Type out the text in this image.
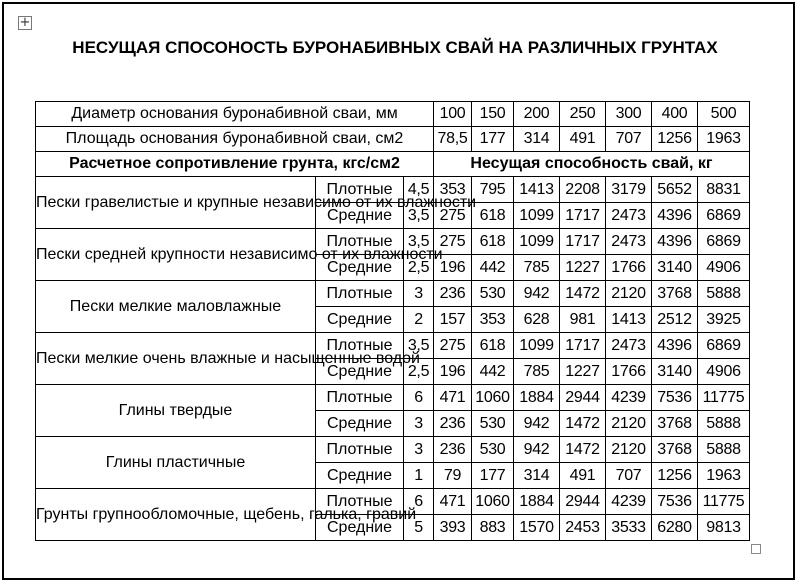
+
НЕСУЩАЯ СПОСОНОСТЬ БУРОНАБИВНЫХ СВАЙ НА РАЗЛИЧНЫХ ГРУНТАХ
Диаметр основания буронабивной сваи, мм			100	150	200	250	300	400	500
Площадь основания буронабивной сваи, см2			78,5	177	314	491	707	1256	1963
Расчетное сопротивление грунта, кгс/см2			Несущая способность свай, кг						
Пески гравелистые и крупные независимо от их влажности	Плотные	4,5	353	795	1413	2208	3179	5652	8831
	Средние	3,5	275	618	1099	1717	2473	4396	6869
Пески средней крупности независимо от их влажности	Плотные	3,5	275	618	1099	1717	2473	4396	6869
	Средние	2,5	196	442	785	1227	1766	3140	4906
Пески мелкие маловлажные	Плотные	3	236	530	942	1472	2120	3768	5888
	Средние	2	157	353	628	981	1413	2512	3925
Пески мелкие очень влажные и насыщенные водой	Плотные	3,5	275	618	1099	1717	2473	4396	6869
	Средние	2,5	196	442	785	1227	1766	3140	4906
Глины твердые	Плотные	6	471	1060	1884	2944	4239	7536	11775
	Средние	3	236	530	942	1472	2120	3768	5888
Глины пластичные	Плотные	3	236	530	942	1472	2120	3768	5888
	Средние	1	79	177	314	491	707	1256	1963
Грунты групнообломочные, щебень, галька, гравий	Плотные	6	471	1060	1884	2944	4239	7536	11775
	Средние	5	393	883	1570	2453	3533	6280	9813
